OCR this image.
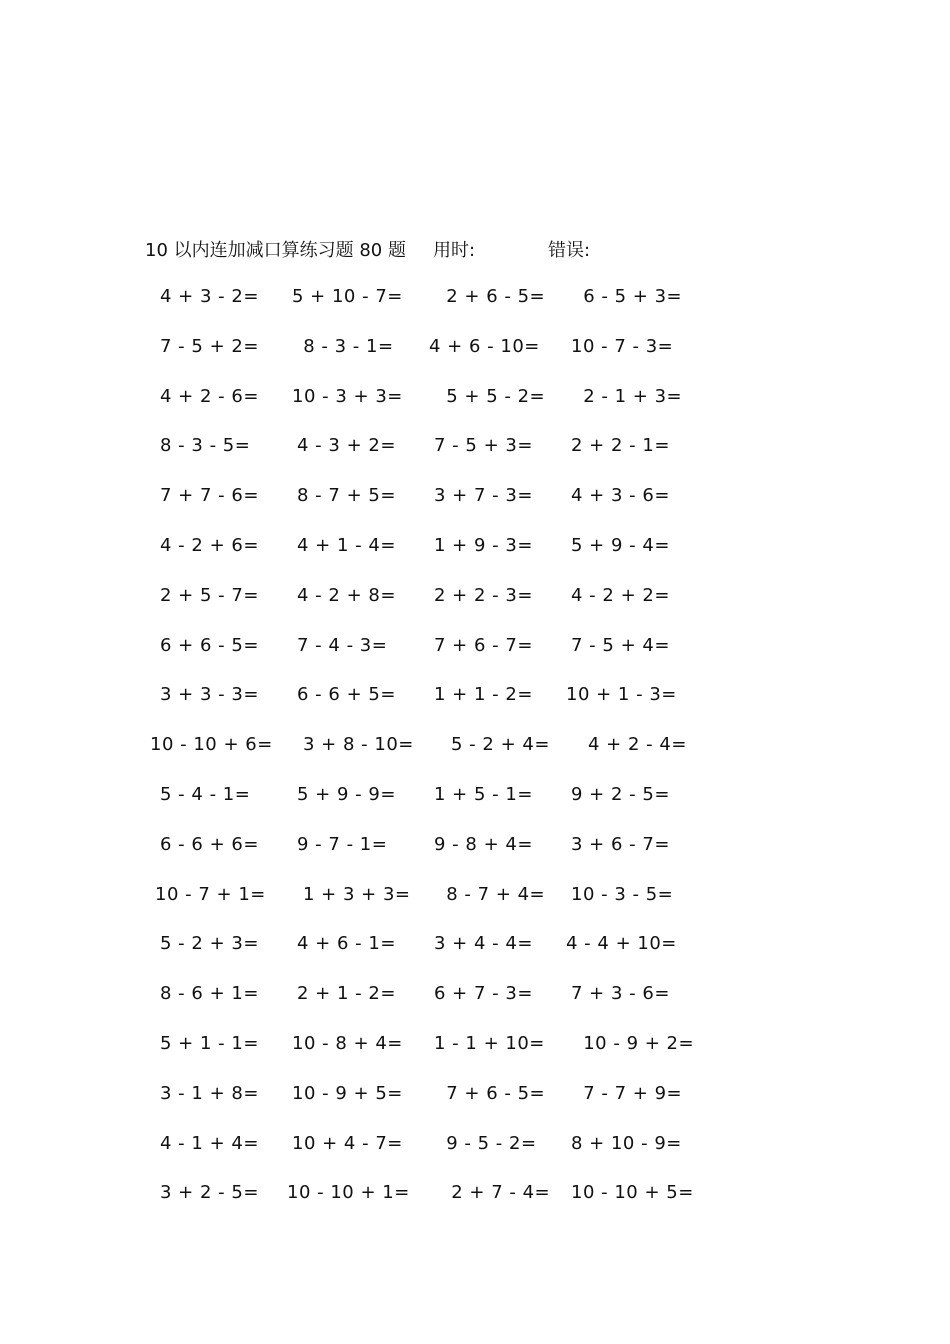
10 以内连加减口算练习题 80 题 用时:	错误:
4 + 3 - 2= 5 + 10 - 7= 2 + 6 - 5= 6 - 5 + 3=
7 - 5 + 2= 8 - 3 - 1= 4 + 6 - 10= 10 - 7 - 3=
4 + 2 - 6= 10 - 3 + 3= 5 + 5 - 2= 2 - 1 + 3=
8 - 3 - 5=	4 - 3 + 2= 7 - 5 + 3= 2 + 2 - 1=
7 + 7 - 6= 8 - 7 + 5= 3 + 7 - 3= 4 + 3 - 6=
4 - 2 + 6= 4 + 1 - 4= 1 + 9 - 3= 5 + 9 - 4=
2 + 5 - 7= 4 - 2 + 8= 2 + 2 - 3= 4 - 2 + 2=
6 + 6 - 5= 7 - 4 - 3=	7 + 6 - 7= 7 - 5 + 4=
3 + 3 - 3= 6 - 6 + 5= 1 + 1 - 2= 10 + 1 - 3=
10 - 10 + 6= 3 + 8 - 10= 5 - 2 + 4= 4 + 2 - 4=
5 - 4 - 1=	5 + 9 - 9= 1 + 5 - 1= 9 + 2 - 5=
6 - 6 + 6= 9 - 7 - 1=	9 - 8 + 4= 3 + 6 - 7=
10 - 7 + 1= 1 + 3 + 3= 8 - 7 + 4= 10 - 3 - 5=
5 - 2 + 3= 4 + 6 - 1= 3 + 4 - 4= 4 - 4 + 10=
8 - 6 + 1= 2 + 1 - 2= 6 + 7 - 3= 7 + 3 - 6=
5 + 1 - 1= 10 - 8 + 4= 1 - 1 + 10= 10 - 9 + 2=
3 - 1 + 8= 10 - 9 + 5= 7 + 6 - 5= 7 - 7 + 9=
4 - 1 + 4= 10 + 4 - 7= 9 - 5 - 2= 8 + 10 - 9=
3 + 2 - 5= 10 - 10 + 1= 2 + 7 - 4= 10 - 10 + 5=
